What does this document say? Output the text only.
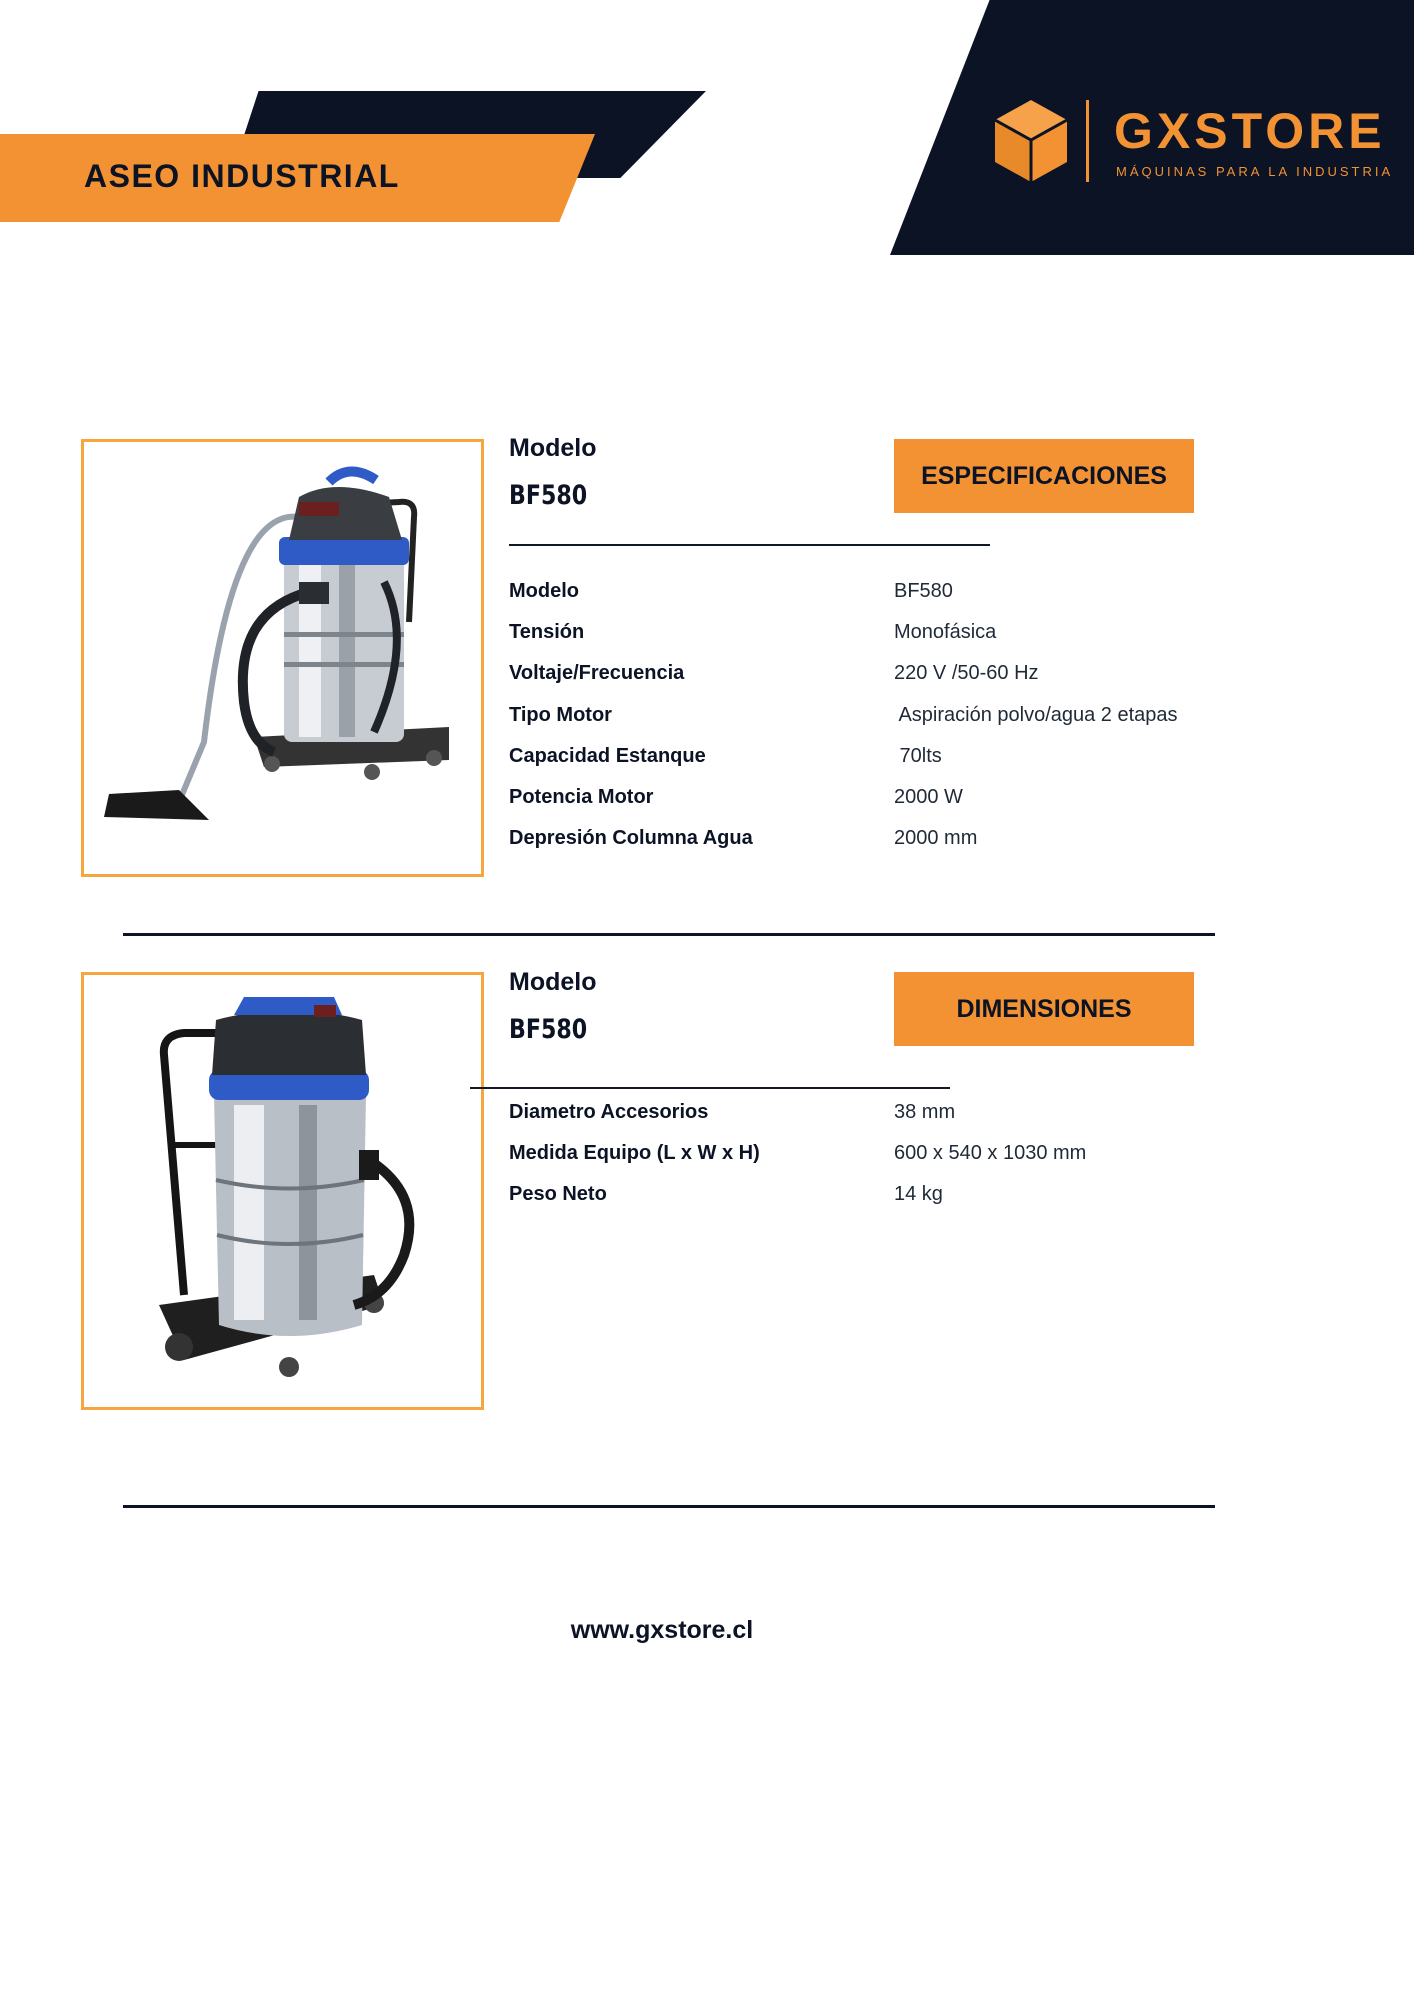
ASEO INDUSTRIAL
GXSTORE
MÁQUINAS PARA LA INDUSTRIA
Modelo
BF580
ESPECIFICACIONES
Modelo	BF580
Tensión	Monofásica
Voltaje/Frecuencia	220 V /50-60 Hz
Tipo Motor	Aspiración polvo/agua 2 etapas
Capacidad Estanque	70lts
Potencia Motor	2000 W
Depresión Columna Agua	2000 mm
Modelo
BF580
DIMENSIONES
Diametro Accesorios	38 mm
Medida Equipo (L x W x H)	600 x 540 x 1030 mm
Peso Neto	14 kg
www.gxstore.cl
